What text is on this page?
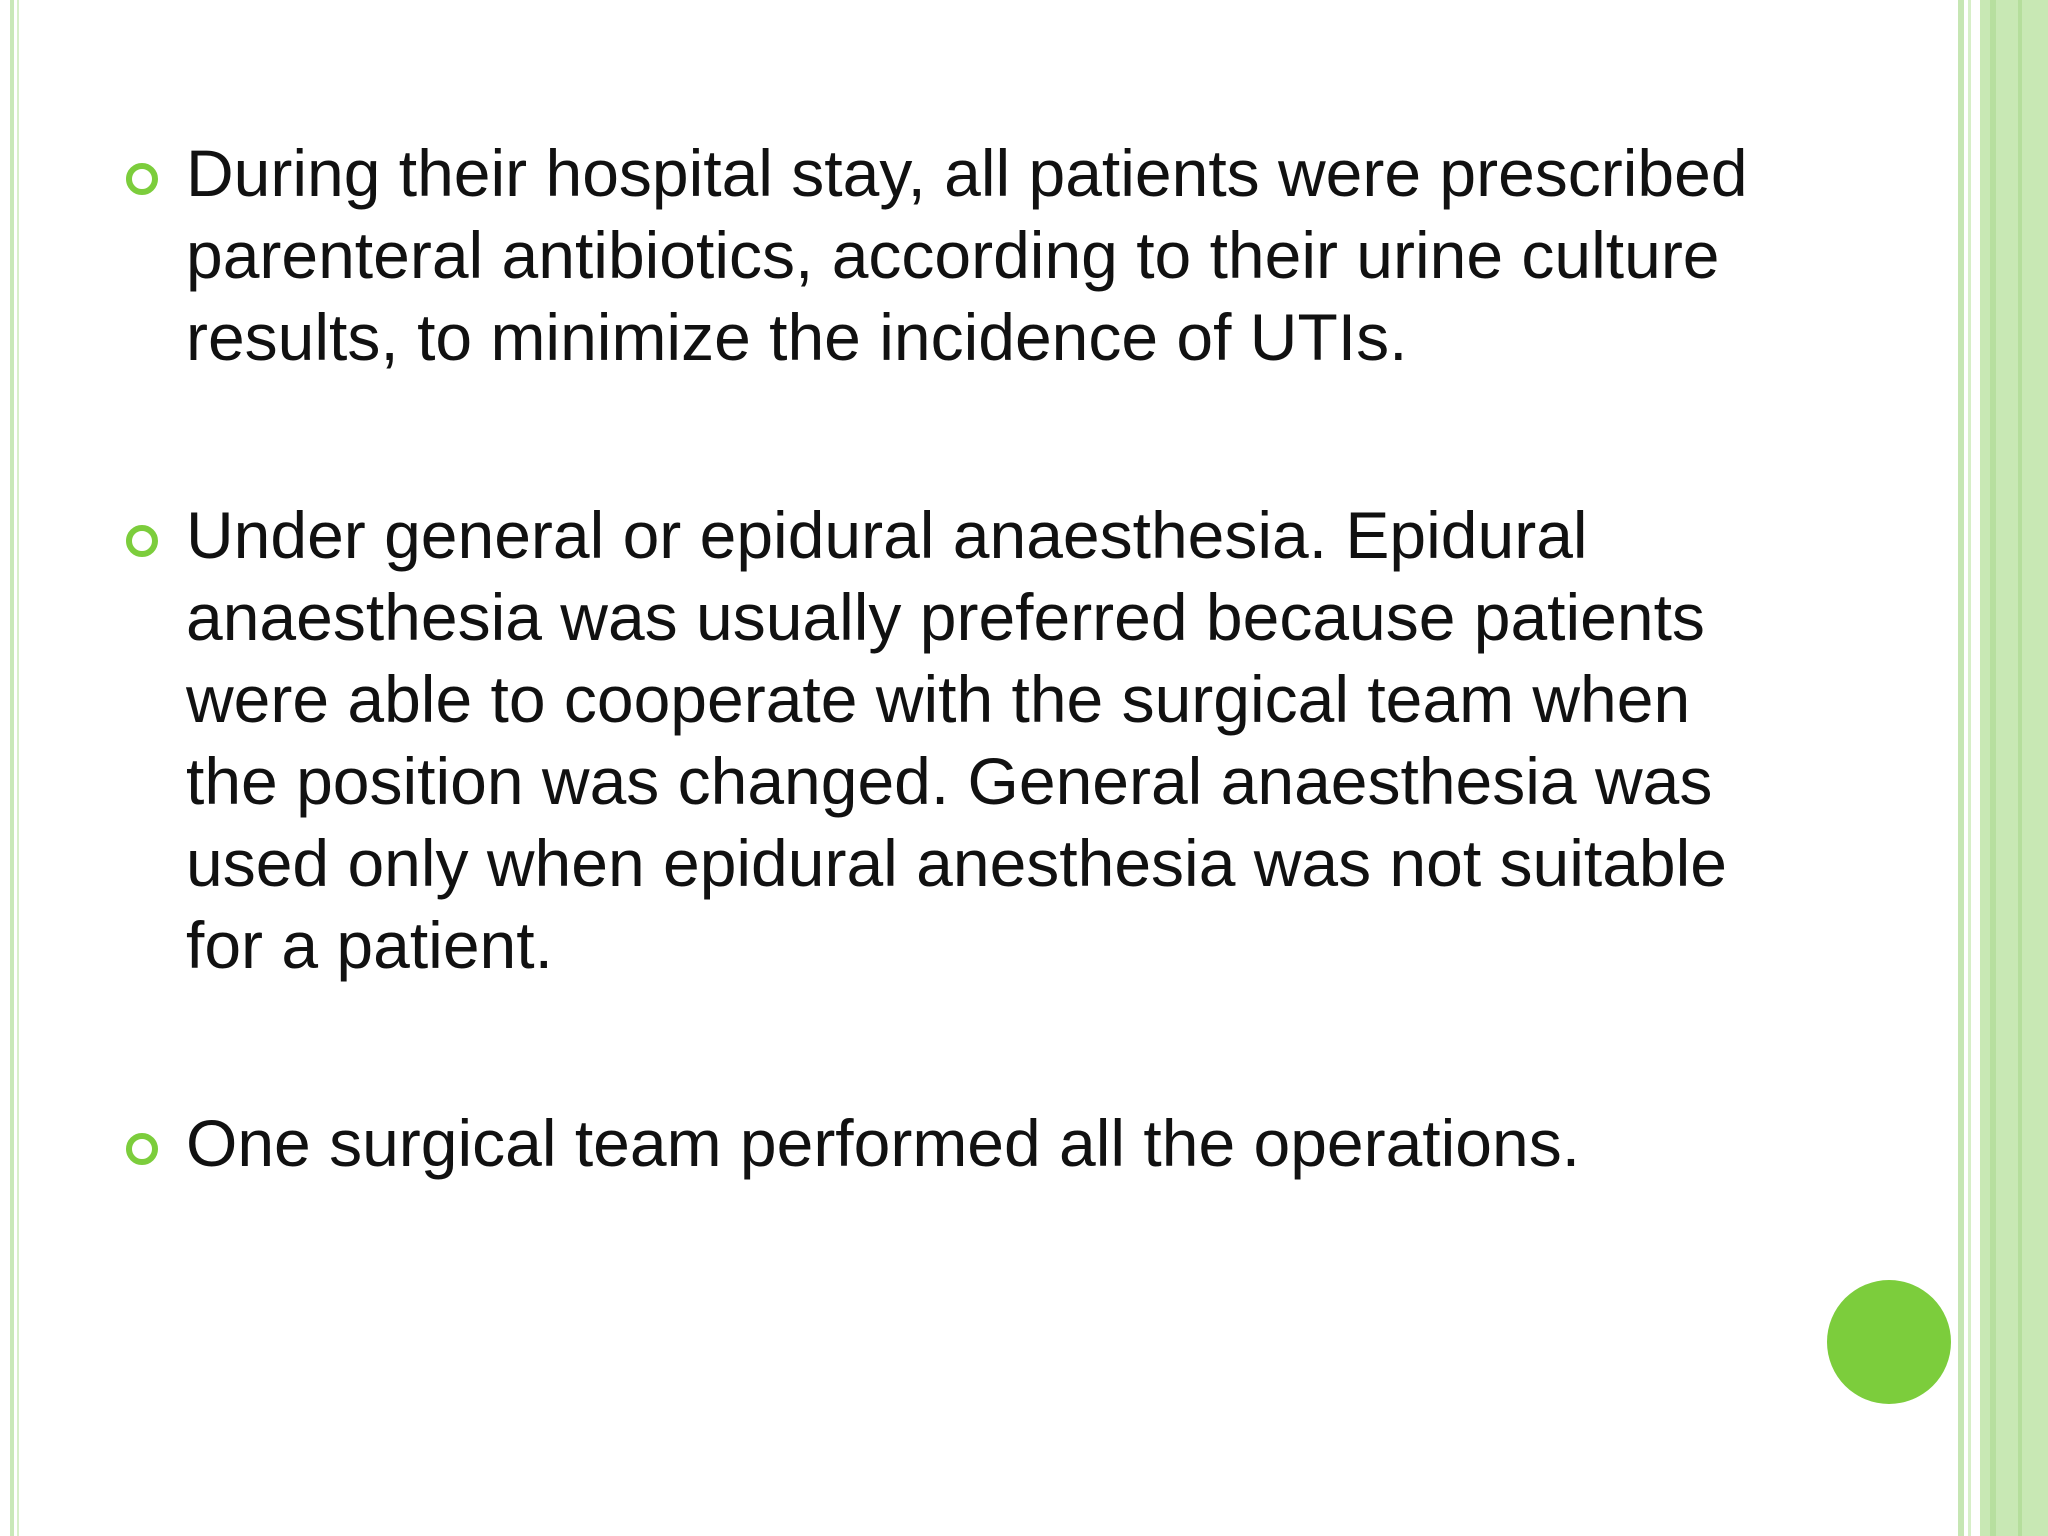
During their hospital stay, all patients were prescribed parenteral antibiotics, according to their urine culture results, to minimize the incidence of UTIs.
Under general or epidural anaesthesia. Epidural anaesthesia was usually preferred because patients were able to cooperate with the surgical team when the position was changed. General anaesthesia was used only when epidural anesthesia was not suitable for a patient.
One surgical team performed all the operations.
